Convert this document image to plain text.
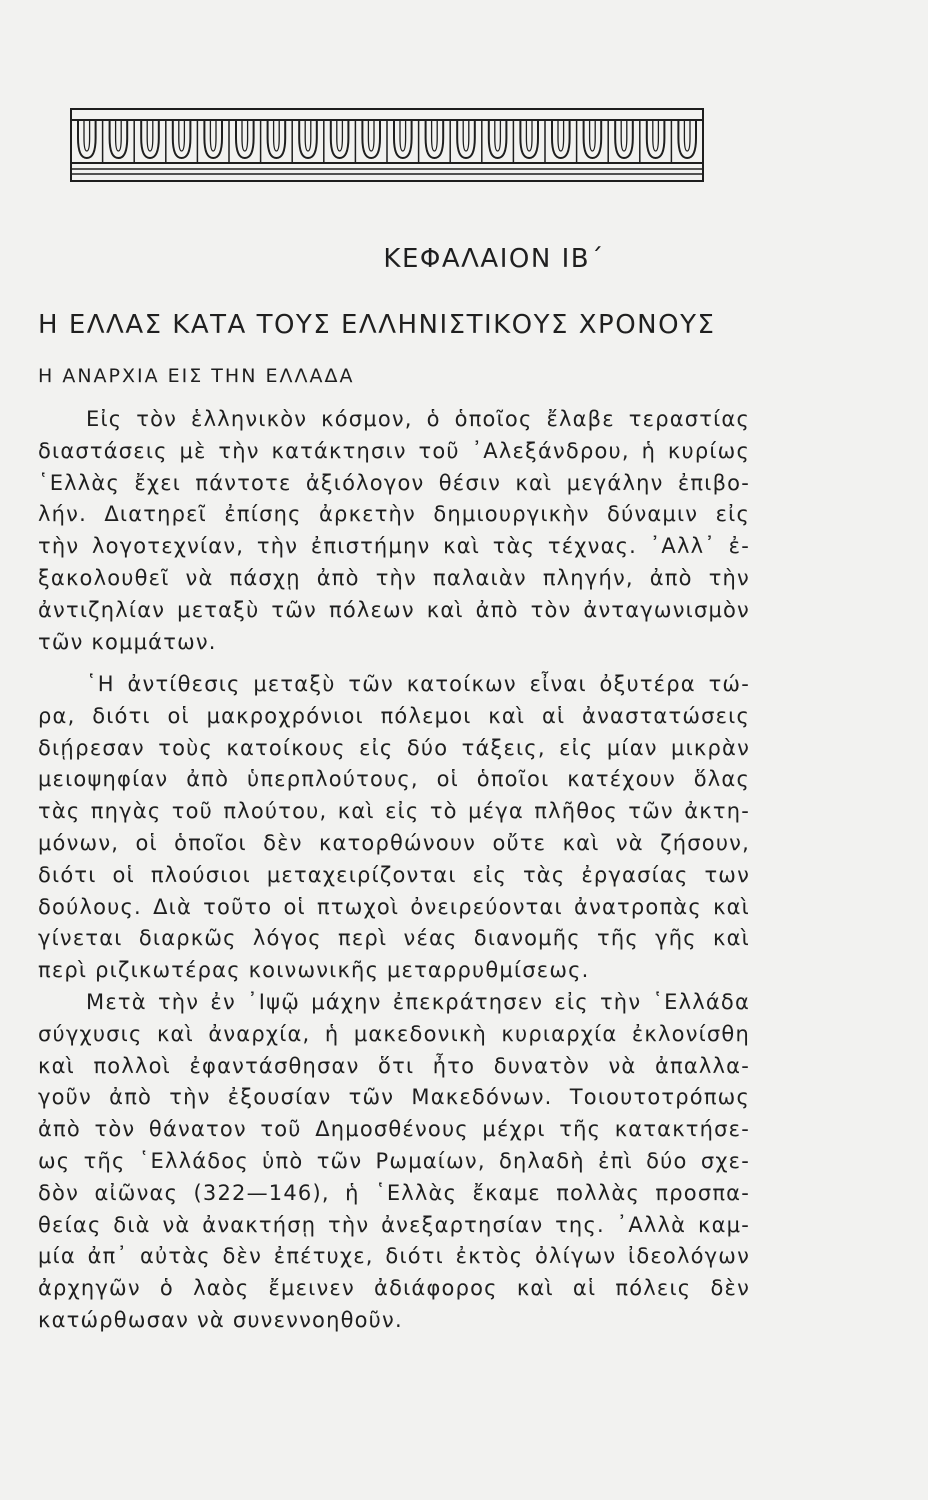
ΚΕΦΑΛΑΙΟΝ ΙΒ΄
Η ΕΛΛΑΣ ΚΑΤΑ ΤΟΥΣ ΕΛΛΗΝΙΣΤΙΚΟΥΣ ΧΡΟΝΟΥΣ
Η ΑΝΑΡΧΙΑ ΕΙΣ ΤΗΝ ΕΛΛΑΔΑ
Εἰς τὸν ἑλληνικὸν κόσμον, ὁ ὁποῖος ἔλαβε τεραστίας
διαστάσεις μὲ τὴν κατάκτησιν τοῦ ᾿Αλεξάνδρου, ἡ κυρίως
῾Ελλὰς ἔχει πάντοτε ἀξιόλογον θέσιν καὶ μεγάλην ἐπιβο-
λήν. Διατηρεῖ ἐπίσης ἀρκετὴν δημιουργικὴν δύναμιν εἰς
τὴν λογοτεχνίαν, τὴν ἐπιστήμην καὶ τὰς τέχνας. ᾿Αλλ᾿ ἐ-
ξακολουθεῖ νὰ πάσχῃ ἀπὸ τὴν παλαιὰν πληγήν, ἀπὸ τὴν
ἀντιζηλίαν μεταξὺ τῶν πόλεων καὶ ἀπὸ τὸν ἀνταγωνισμὸν
τῶν κομμάτων.
῾Η ἀντίθεσις μεταξὺ τῶν κατοίκων εἶναι ὀξυτέρα τώ-
ρα, διότι οἱ μακροχρόνιοι πόλεμοι καὶ αἱ ἀναστατώσεις
διῄρεσαν τοὺς κατοίκους εἰς δύο τάξεις, εἰς μίαν μικρὰν
μειοψηφίαν ἀπὸ ὑπερπλούτους, οἱ ὁποῖοι κατέχουν ὅλας
τὰς πηγὰς τοῦ πλούτου, καὶ εἰς τὸ μέγα πλῆθος τῶν ἀκτη-
μόνων, οἱ ὁποῖοι δὲν κατορθώνουν οὔτε καὶ νὰ ζήσουν,
διότι οἱ πλούσιοι μεταχειρίζονται εἰς τὰς ἐργασίας των
δούλους. Διὰ τοῦτο οἱ πτωχοὶ ὀνειρεύονται ἀνατροπὰς καὶ
γίνεται διαρκῶς λόγος περὶ νέας διανομῆς τῆς γῆς καὶ
περὶ ριζικωτέρας κοινωνικῆς μεταρρυθμίσεως.
Μετὰ τὴν ἐν ᾿Ιψῷ μάχην ἐπεκράτησεν εἰς τὴν ῾Ελλάδα
σύγχυσις καὶ ἀναρχία, ἡ μακεδονικὴ κυριαρχία ἐκλονίσθη
καὶ πολλοὶ ἐφαντάσθησαν ὅτι ἦτο δυνατὸν νὰ ἀπαλλα-
γοῦν ἀπὸ τὴν ἐξουσίαν τῶν Μακεδόνων. Τοιουτοτρόπως
ἀπὸ τὸν θάνατον τοῦ Δημοσθένους μέχρι τῆς κατακτήσε-
ως τῆς ῾Ελλάδος ὑπὸ τῶν Ρωμαίων, δηλαδὴ ἐπὶ δύο σχε-
δὸν αἰῶνας (322—146), ἡ ῾Ελλὰς ἔκαμε πολλὰς προσπα-
θείας διὰ νὰ ἀνακτήσῃ τὴν ἀνεξαρτησίαν της. ᾿Αλλὰ καμ-
μία ἀπ᾿ αὐτὰς δὲν ἐπέτυχε, διότι ἐκτὸς ὀλίγων ἰδεολόγων
ἀρχηγῶν ὁ λαὸς ἔμεινεν ἀδιάφορος καὶ αἱ πόλεις δὲν
κατώρθωσαν νὰ συνεννοηθοῦν.
